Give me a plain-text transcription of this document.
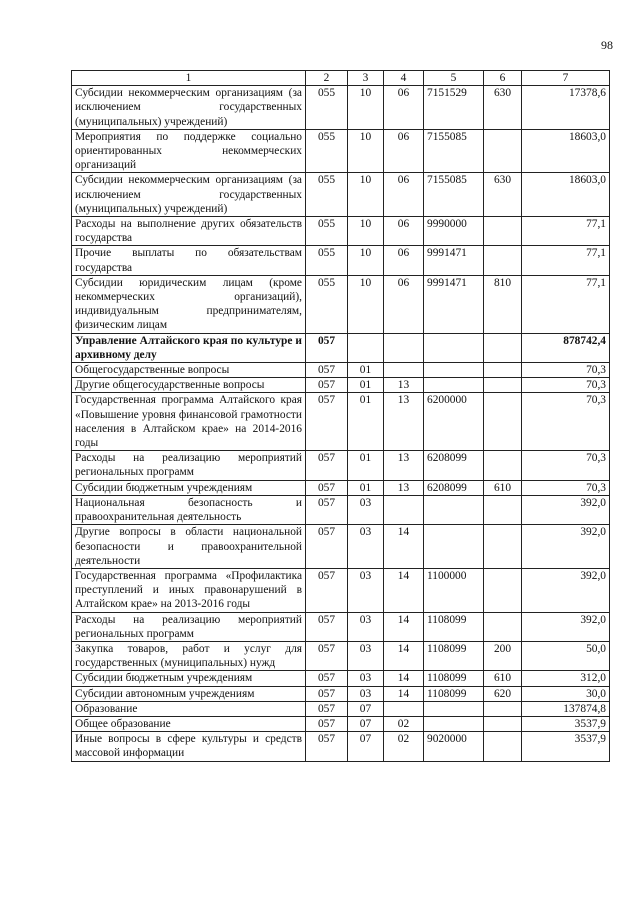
98
1	2	3	4	5	6	7
Субсидии некоммерческим организациям (за исключением государственных (муниципальных) учреждений)	055	10	06	7151529	630	17378,6
Мероприятия по поддержке социально ориентированных некоммерческих организаций	055	10	06	7155085		18603,0
Субсидии некоммерческим организациям (за исключением государственных (муниципальных) учреждений)	055	10	06	7155085	630	18603,0
Расходы на выполнение других обязательств государства	055	10	06	9990000		77,1
Прочие выплаты по обязательствам государства	055	10	06	9991471		77,1
Субсидии юридическим лицам (кроме некоммерческих организаций), индивидуальным предпринимателям, физическим лицам	055	10	06	9991471	810	77,1
Управление Алтайского края по культуре и архивному делу	057					878742,4
Общегосударственные вопросы	057	01				70,3
Другие общегосударственные вопросы	057	01	13			70,3
Государственная программа Алтайского края «Повышение уровня финансовой грамотности населения в Алтайском крае» на 2014-2016 годы	057	01	13	6200000		70,3
Расходы на реализацию мероприятий региональных программ	057	01	13	6208099		70,3
Субсидии бюджетным учреждениям	057	01	13	6208099	610	70,3
Национальная безопасность и правоохранительная деятельность	057	03				392,0
Другие вопросы в области национальной безопасности и правоохранительной деятельности	057	03	14			392,0
Государственная программа «Профилактика преступлений и иных правонарушений в Алтайском крае» на 2013-2016 годы	057	03	14	1100000		392,0
Расходы на реализацию мероприятий региональных программ	057	03	14	1108099		392,0
Закупка товаров, работ и услуг для государственных (муниципальных) нужд	057	03	14	1108099	200	50,0
Субсидии бюджетным учреждениям	057	03	14	1108099	610	312,0
Субсидии автономным учреждениям	057	03	14	1108099	620	30,0
Образование	057	07				137874,8
Общее образование	057	07	02			3537,9
Иные вопросы в сфере культуры и средств массовой информации	057	07	02	9020000		3537,9
